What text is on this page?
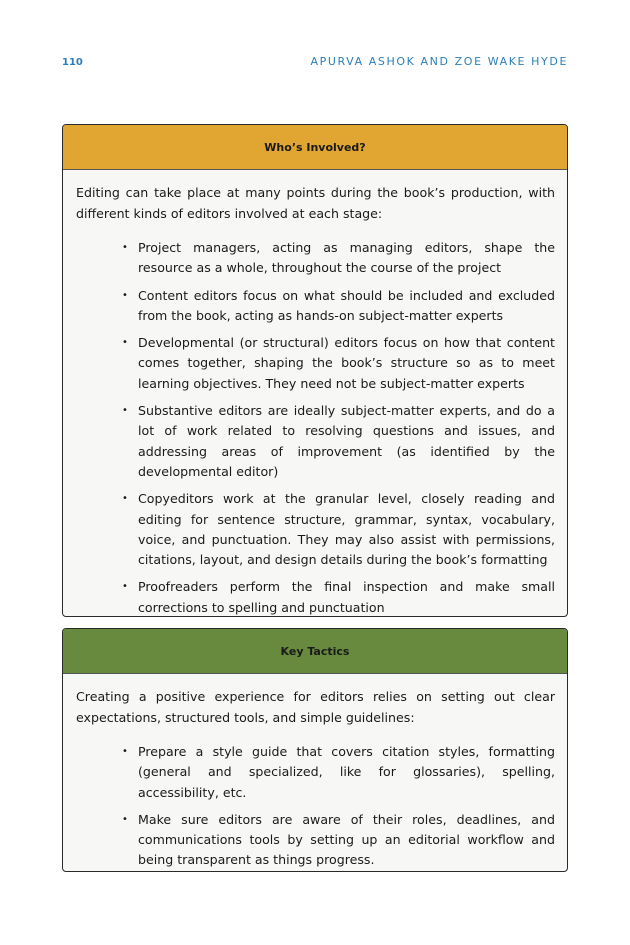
110	APURVA ASHOK AND ZOE WAKE HYDE
Who’s Involved?

Editing can take place at many points during the book’s production, with different kinds of editors involved at each stage:

• Project managers, acting as managing editors, shape the resource as a whole, throughout the course of the project
• Content editors focus on what should be included and excluded from the book, acting as hands-on subject-matter experts
• Developmental (or structural) editors focus on how that content comes together, shaping the book’s structure so as to meet learning objectives. They need not be subject-matter experts
• Substantive editors are ideally subject-matter experts, and do a lot of work related to resolving questions and issues, and addressing areas of improvement (as identified by the developmental editor)
• Copyeditors work at the granular level, closely reading and editing for sentence structure, grammar, syntax, vocabulary, voice, and punctuation. They may also assist with permissions, citations, layout, and design details during the book’s formatting
• Proofreaders perform the final inspection and make small corrections to spelling and punctuation
Key Tactics

Creating a positive experience for editors relies on setting out clear expectations, structured tools, and simple guidelines:

• Prepare a style guide that covers citation styles, formatting (general and specialized, like for glossaries), spelling, accessibility, etc.
• Make sure editors are aware of their roles, deadlines, and communications tools by setting up an editorial workflow and being transparent as things progress.
